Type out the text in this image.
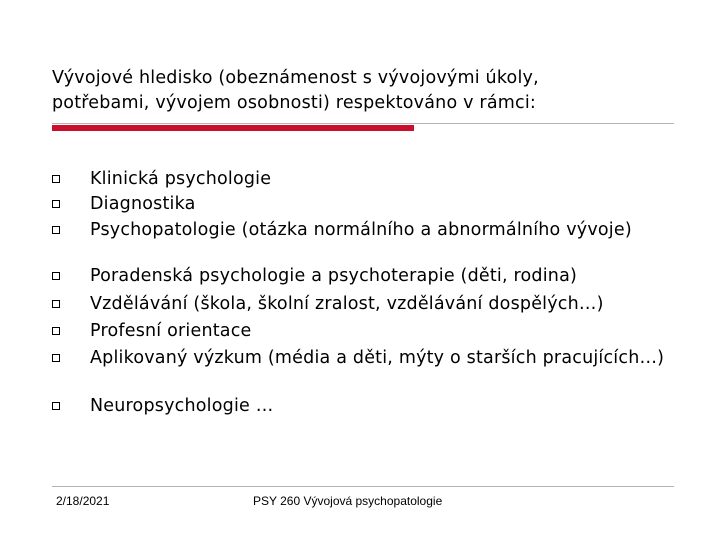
Vývojové hledisko (obeznámenost s vývojovými úkoly,
potřebami, vývojem osobnosti) respektováno v rámci:
Klinická psychologie
Diagnostika
Psychopatologie (otázka normálního a abnormálního vývoje)
Poradenská psychologie a psychoterapie (děti, rodina)
Vzdělávání (škola, školní zralost, vzdělávání dospělých…)
Profesní orientace
Aplikovaný výzkum (média a děti, mýty o starších pracujících…)
Neuropsychologie …
2/18/2021	PSY 260 Vývojová psychopatologie
